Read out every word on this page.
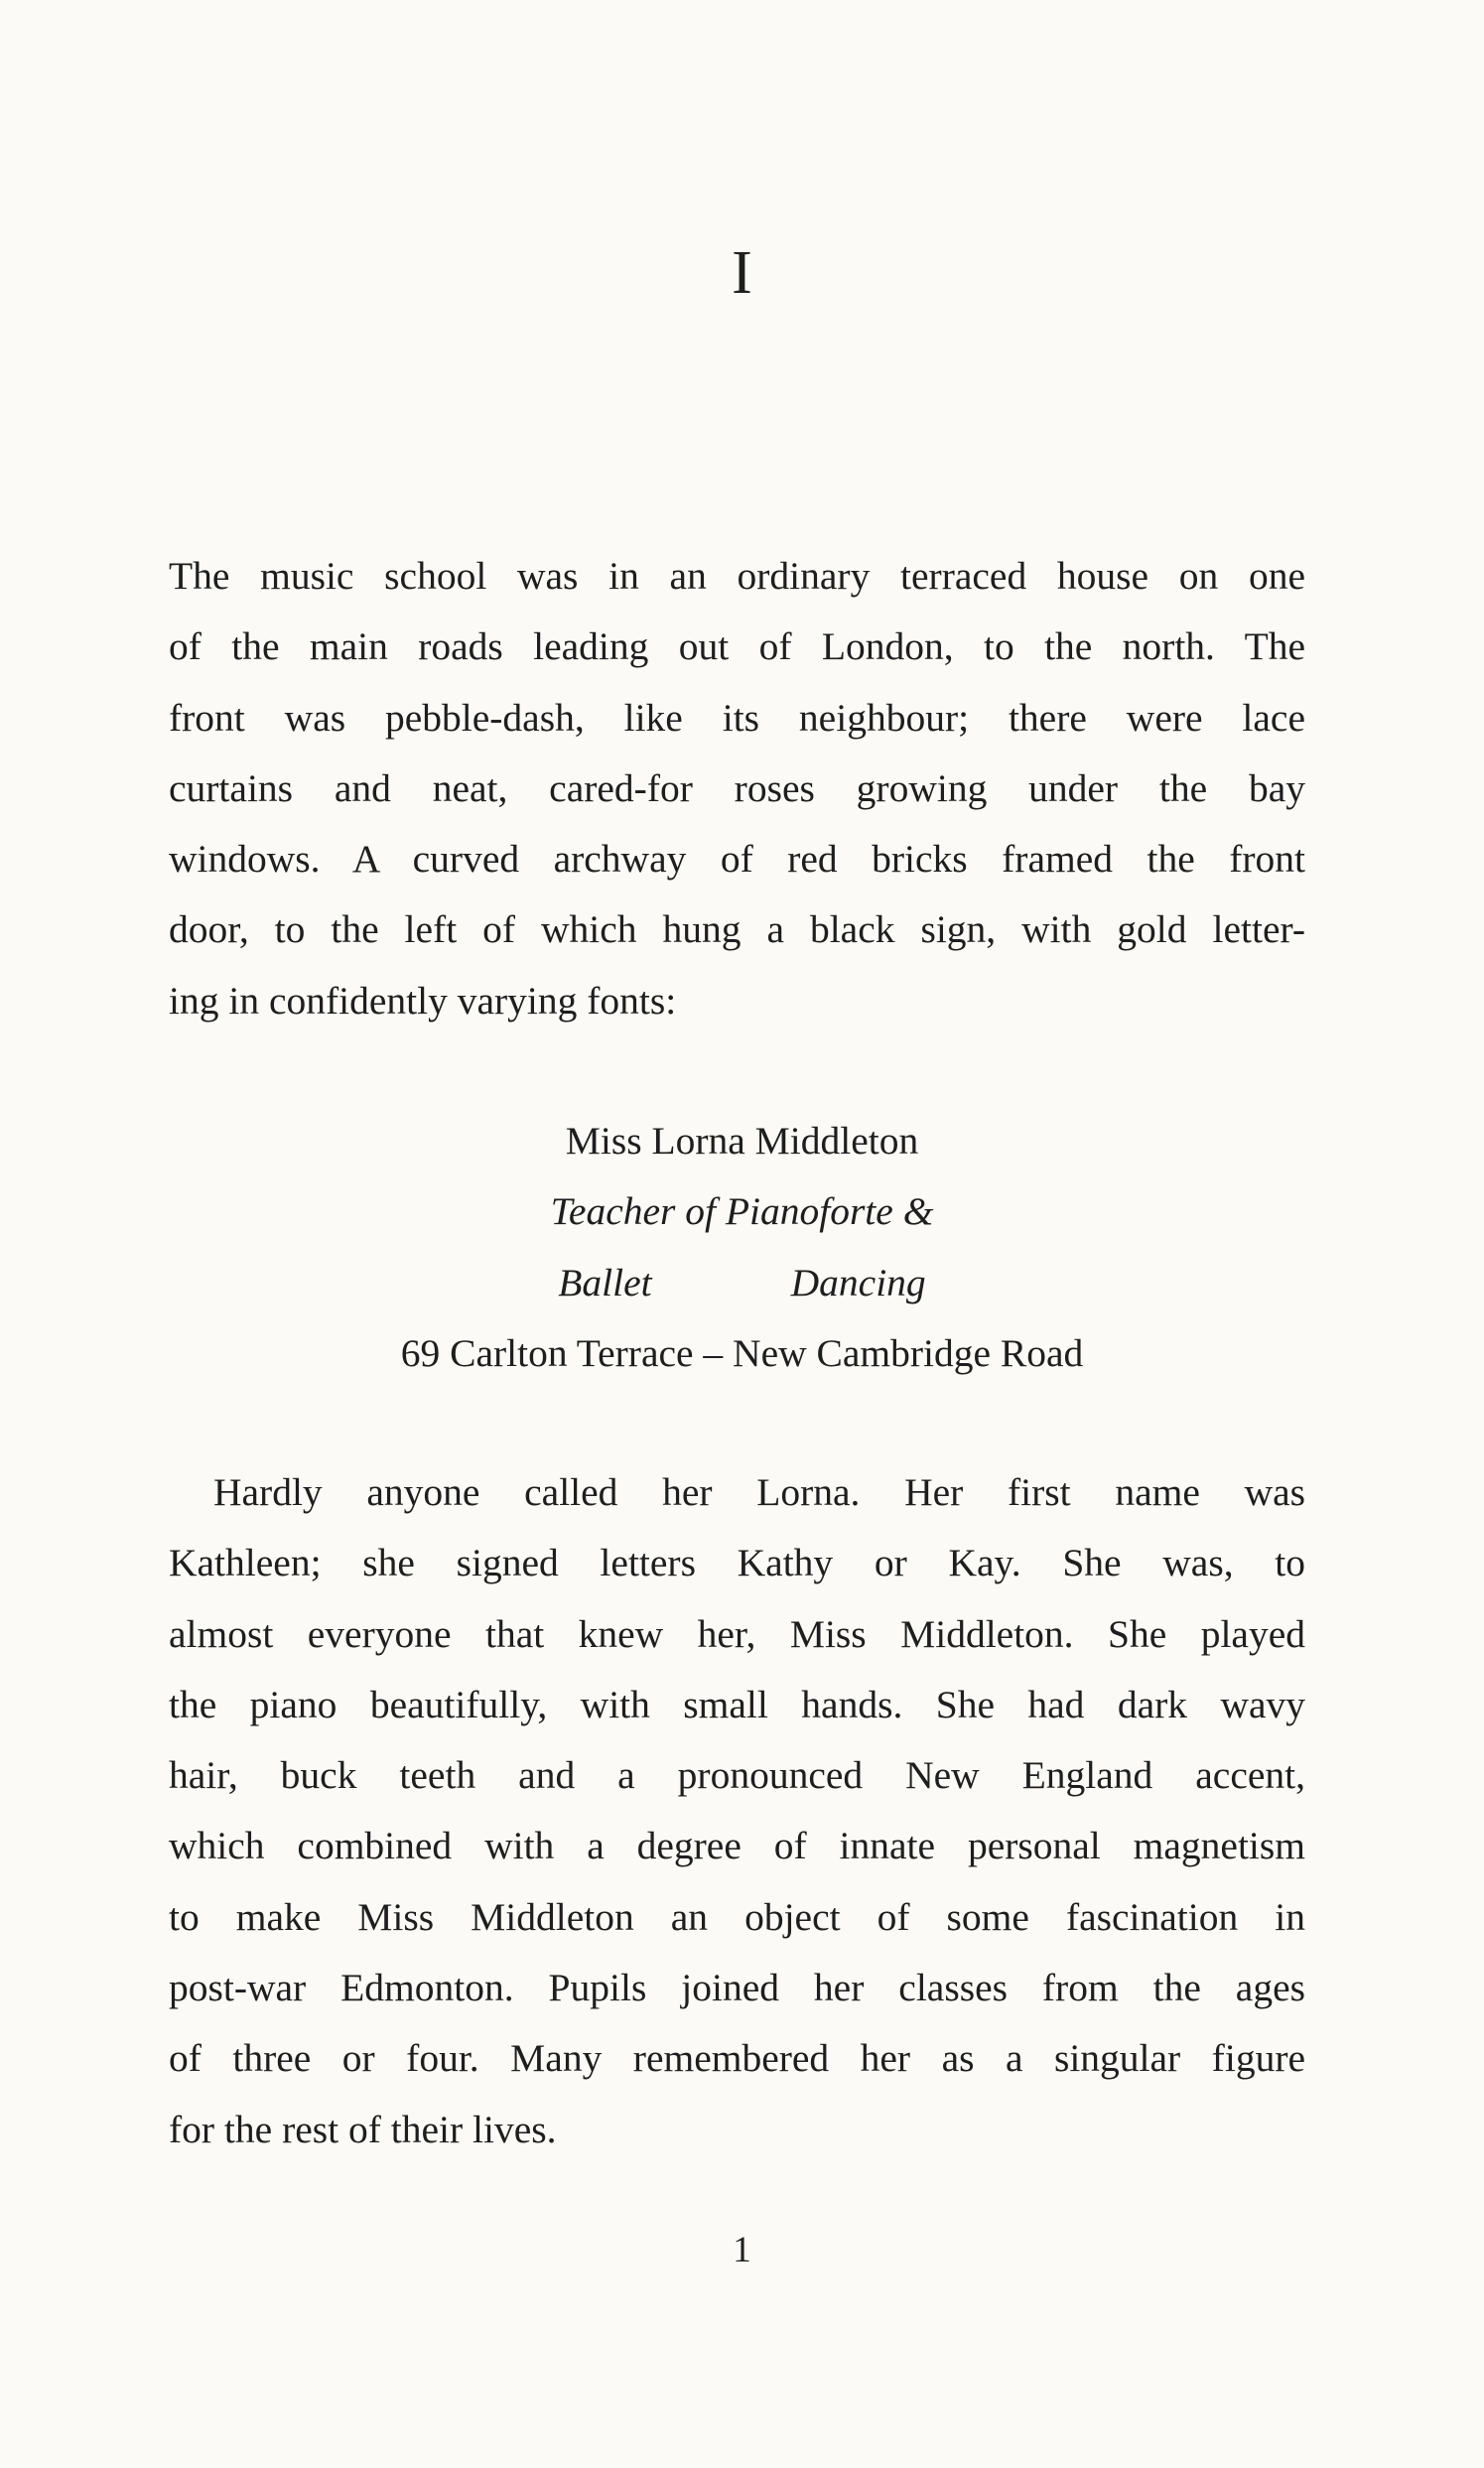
I
The music school was in an ordinary terraced house on one
of the main roads leading out of London, to the north. The
front was pebble-dash, like its neighbour; there were lace
curtains and neat, cared-for roses growing under the bay
windows. A curved archway of red bricks framed the front
door, to the left of which hung a black sign, with gold letter-
ing in confidently varying fonts:
Miss Lorna Middleton
Teacher of Pianoforte &
Ballet	Dancing
69 Carlton Terrace – New Cambridge Road
Hardly anyone called her Lorna. Her first name was
Kathleen; she signed letters Kathy or Kay. She was, to
almost everyone that knew her, Miss Middleton. She played
the piano beautifully, with small hands. She had dark wavy
hair, buck teeth and a pronounced New England accent,
which combined with a degree of innate personal magnetism
to make Miss Middleton an object of some fascination in
post-war Edmonton. Pupils joined her classes from the ages
of three or four. Many remembered her as a singular figure
for the rest of their lives.
1
